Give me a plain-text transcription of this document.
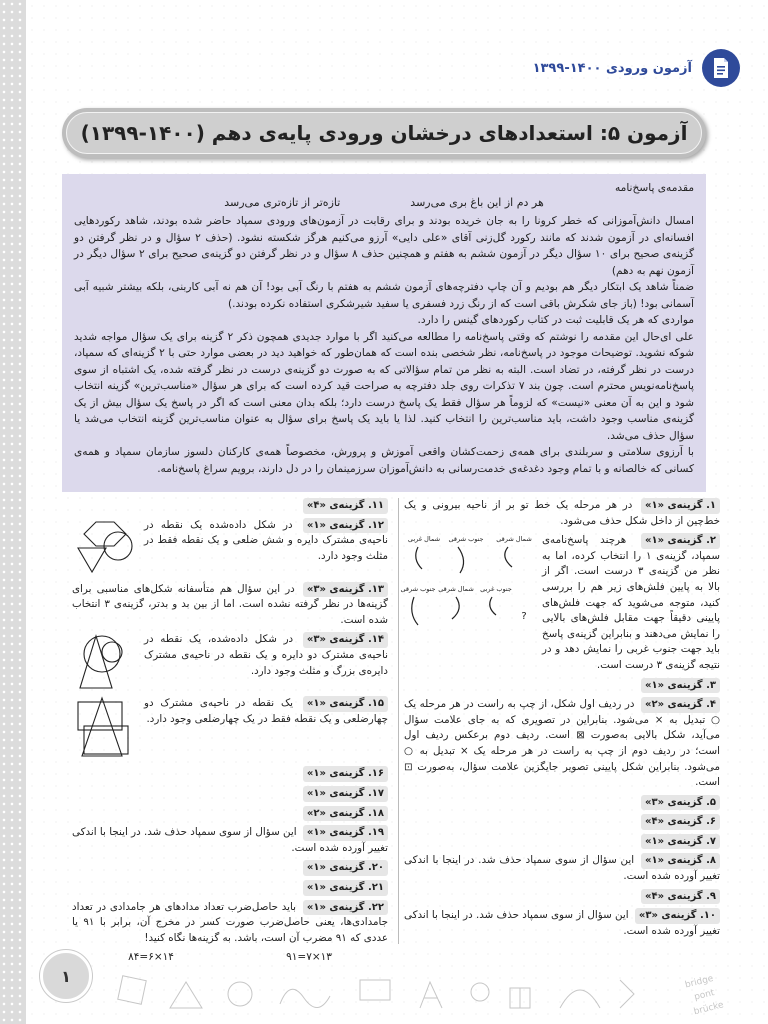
آزمون ورودی ۱۴۰۰-۱۳۹۹
آزمون ۵: استعدادهای درخشان ورودی پایه‌ی دهم (۱۴۰۰-۱۳۹۹)

مقدمه‌ی پاسخ‌نامه

هر دم از این باغ بری می‌رسد
تازه‌تر از تازه‌تری می‌رسد

امسال دانش‌آموزانی که خطر کرونا را به جان خریده بودند و برای رقابت در آزمون‌های ورودی سمپاد حاضر شده بودند، شاهد رکوردهایی افسانه‌ای در آزمون شدند که مانند رکورد گل‌زنی آقای «علی دایی» آرزو می‌کنیم هرگز شکسته نشود. (حذف ۲ سؤال و در نظر گرفتن دو گزینه‌ی صحیح برای ۱۰ سؤال دیگر در آزمون ششم به هفتم و همچنین حذف ۸ سؤال و در نظر گرفتن دو گزینه‌ی صحیح برای ۲ سؤال دیگر در آزمون نهم به دهم)

ضمناً شاهد یک ابتکار دیگر هم بودیم و آن چاپ دفترچه‌های آزمون ششم به هفتم با رنگ آبی بود! آن هم نه آبی کاربنی، بلکه بیشتر شبیه آبی آسمانی بود! (باز جای شکرش باقی است که از رنگ زرد فسفری یا سفید شیرشکری استفاده نکرده بودند.)

مواردی که هر یک قابلیت ثبت در کتاب رکوردهای گینس را دارد.

علی ای‌حال این مقدمه را نوشتم که وقتی پاسخ‌نامه را مطالعه می‌کنید اگر با موارد جدیدی همچون ذکر ۲ گزینه برای یک سؤال مواجه شدید شوکه نشوید. توضیحات موجود در پاسخ‌نامه، نظر شخصی بنده است که همان‌طور که خواهید دید در بعضی موارد حتی با ۲ گزینه‌ای که سمپاد، درست در نظر گرفته، در تضاد است. البته به نظر من تمام سؤالاتی که به صورت دو گزینه‌ی درست در نظر گرفته شده، یک اشتباه از سوی پاسخ‌نامه‌نویس محترم است. چون بند ۷ تذکرات روی جلد دفترچه به صراحت قید کرده است که برای هر سؤال «مناسب‌ترین» گزینه انتخاب شود و این به آن معنی «نیست» که لزوماً هر سؤال فقط یک پاسخ درست دارد؛ بلکه بدان معنی است که اگر در پاسخ یک سؤال بیش از یک گزینه‌ی مناسب وجود داشت، باید مناسب‌ترین را انتخاب کنید. لذا یا باید یک پاسخ برای سؤال به عنوان مناسب‌ترین گزینه انتخاب می‌شد یا سؤال حذف می‌شد.

با آرزوی سلامتی و سربلندی برای همه‌ی زحمت‌کشان واقعی آموزش و پرورش، مخصوصاً همه‌ی کارکنان دلسوز سازمان سمپاد و همه‌ی کسانی که خالصانه و با تمام وجود دغدغه‌ی خدمت‌رسانی به دانش‌آموزان سرزمینمان را در دل دارند، برویم سراغ پاسخ‌نامه.

۱. گزینه‌ی «۱» در هر مرحله یک خط تو بر از ناحیه بیرونی و یک خط‌چین از داخل شکل حذف می‌شود.
۲. گزینه‌ی «۱» هرچند پاسخ‌نامه‌ی سمپاد، گزینه‌ی ۱ را انتخاب کرده، اما به نظر من گزینه‌ی ۳ درست است. اگر از بالا به پایین فلش‌های زیر هم را بررسی کنید، متوجه می‌شوید که جهت فلش‌های پایینی دقیقاً جهت مقابل فلش‌های بالایی را نمایش می‌دهند و بنابراین گزینه‌ی پاسخ باید جهت جنوب غربی را نمایش دهد و در نتیجه گزینه‌ی ۳ درست است.
شمال غربی جنوب شرقی شمال شرقی
جنوب شرقی شمال شرقی جنوب غربی
?
۳. گزینه‌ی «۱»
۴. گزینه‌ی «۲» در ردیف اول شکل، از چپ به راست در هر مرحله یک ○ تبدیل به × می‌شود. بنابراین در تصویری که به جای علامت سؤال می‌آید، شکل بالایی به‌صورت ⊠ است. ردیف دوم برعکس ردیف اول است؛ در ردیف دوم از چپ به راست در هر مرحله یک × تبدیل به ○ می‌شود. بنابراین شکل پایینی تصویر جایگزین علامت سؤال، به‌صورت ⊡ است.
۵. گزینه‌ی «۳»
۶. گزینه‌ی «۴»
۷. گزینه‌ی «۱»
۸. گزینه‌ی «۱» این سؤال از سوی سمپاد حذف شد. در اینجا با اندکی تغییر آورده شده است.
۹. گزینه‌ی «۴»
۱۰. گزینه‌ی «۳» این سؤال از سوی سمپاد حذف شد. در اینجا با اندکی تغییر آورده شده است.
۱۱. گزینه‌ی «۴»
۱۲. گزینه‌ی «۱» در شکل داده‌شده یک نقطه در ناحیه‌ی مشترک دایره و شش ضلعی و یک نقطه فقط در مثلث وجود دارد.
۱۳. گزینه‌ی «۳» در این سؤال هم متأسفانه شکل‌های مناسبی برای گزینه‌ها در نظر گرفته نشده است. اما از بین بد و بدتر، گزینه‌ی ۳ انتخاب شده است.
۱۴. گزینه‌ی «۳» در شکل داده‌شده، یک نقطه در ناحیه‌ی مشترک دو دایره و یک نقطه در ناحیه‌ی مشترک دایره‌ی بزرگ و مثلث وجود دارد.
۱۵. گزینه‌ی «۱» یک نقطه در ناحیه‌ی مشترک دو چهارضلعی و یک نقطه فقط در یک چهارضلعی وجود دارد.
۱۶. گزینه‌ی «۱»
۱۷. گزینه‌ی «۱»
۱۸. گزینه‌ی «۲»
۱۹. گزینه‌ی «۱» این سؤال از سوی سمپاد حذف شد. در اینجا با اندکی تغییر آورده شده است.
۲۰. گزینه‌ی «۱»
۲۱. گزینه‌ی «۱»
۲۲. گزینه‌ی «۱» باید حاصل‌ضرب تعداد مدادهای هر جامدادی در تعداد جامدادی‌ها، یعنی حاصل‌ضرب صورت کسر در مخرج آن، برابر با ۹۱ یا عددی که ۹۱ مضرب آن است، باشد. به گزینه‌ها نگاه کنید!
۱۳×۷=۹۱
۱۴×۶=۸۴
۱	bridge
pont
brücke
